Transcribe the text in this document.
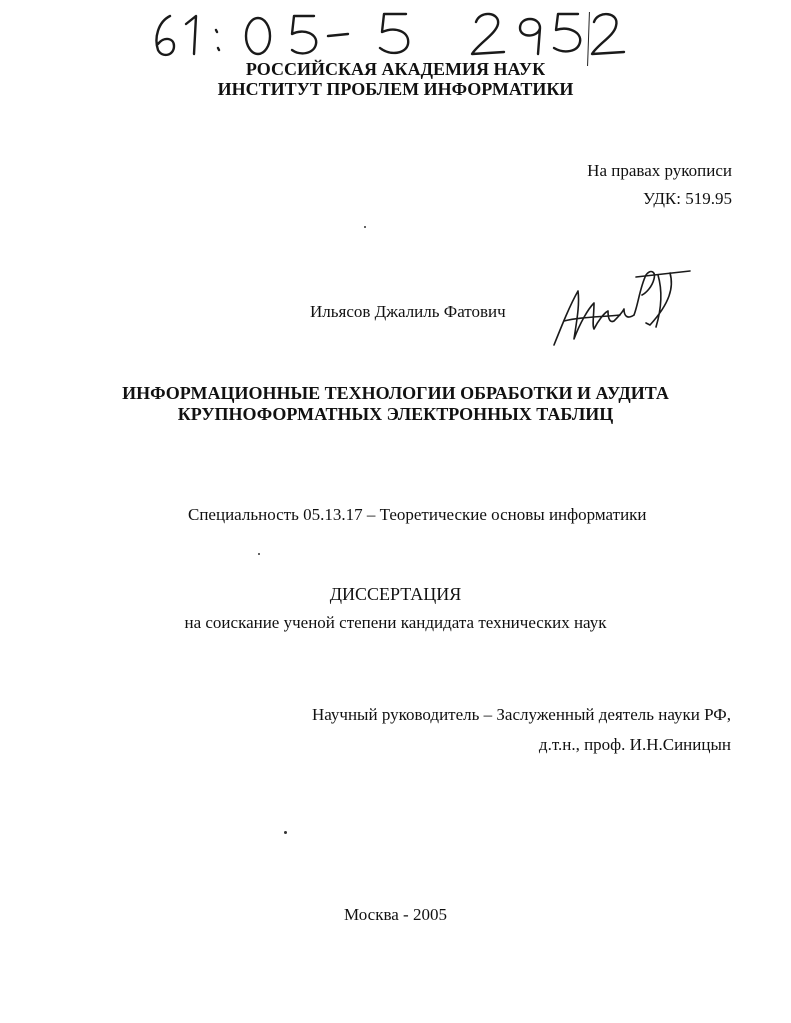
РОССИЙСКАЯ АКАДЕМИЯ НАУК
ИНСТИТУТ ПРОБЛЕМ ИНФОРМАТИКИ
На правах рукописи
УДК: 519.95
Ильясов Джалиль Фатович
ИНФОРМАЦИОННЫЕ ТЕХНОЛОГИИ ОБРАБОТКИ И АУДИТА
КРУПНОФОРМАТНЫХ ЭЛЕКТРОННЫХ ТАБЛИЦ
Специальность 05.13.17 – Теоретические основы информатики
ДИССЕРТАЦИЯ
на соискание ученой степени кандидата технических наук
Научный руководитель – Заслуженный деятель науки РФ,
д.т.н., проф. И.Н.Синицын
Москва - 2005
